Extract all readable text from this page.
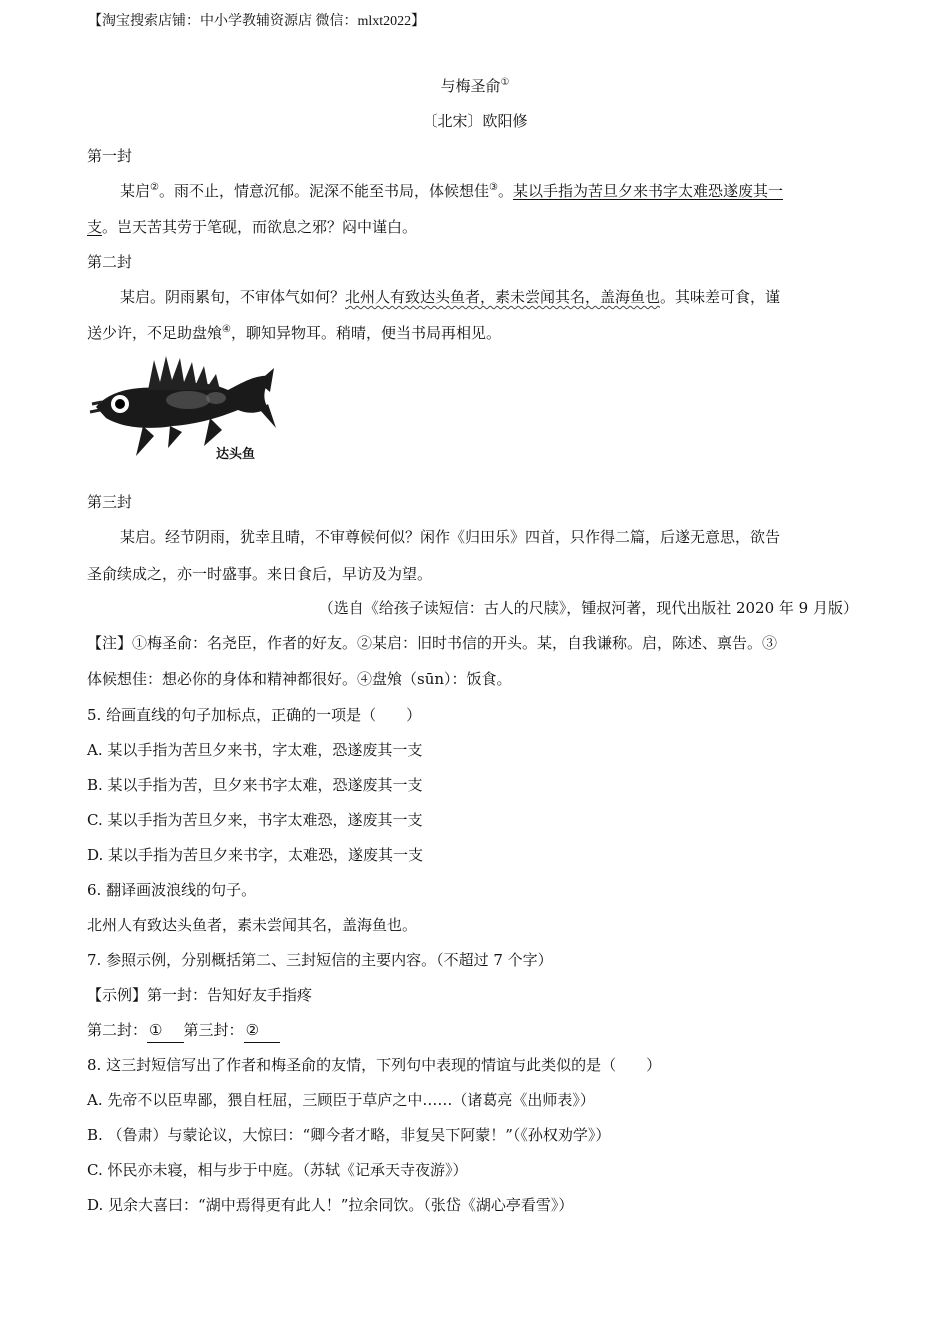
【淘宝搜索店铺：中小学教辅资源店 微信：mlxt2022】
与梅圣俞①
〔北宋〕欧阳修
第一封
某启②。雨不止，情意沉郁。泥深不能至书局，体候想佳③。某以手指为苦旦夕来书字太难恐遂废其一
支。岂天苦其劳于笔砚，而欲息之邪？闷中谨白。
第二封
某启。阴雨累旬，不审体气如何？北州人有致达头鱼者，素未尝闻其名，盖海鱼也。其味差可食，谨
送少许，不足助盘飧④，聊知异物耳。稍晴，便当书局再相见。
达头鱼
第三封
某启。经节阴雨，犹幸且晴，不审尊候何似？闲作《归田乐》四首，只作得二篇，后遂无意思，欲告
圣俞续成之，亦一时盛事。来日食后，早访及为望。
（选自《给孩子读短信：古人的尺牍》，锺叔河著，现代出版社 2020 年 9 月版）
【注】①梅圣俞：名尧臣，作者的好友。②某启：旧时书信的开头。某，自我谦称。启，陈述、禀告。③
体候想佳：想必你的身体和精神都很好。④盘飧（sūn）：饭食。
5. 给画直线的句子加标点，正确的一项是（　　）
A. 某以手指为苦旦夕来书，字太难，恐遂废其一支
B. 某以手指为苦，旦夕来书字太难，恐遂废其一支
C. 某以手指为苦旦夕来，书字太难恐，遂废其一支
D. 某以手指为苦旦夕来书字，太难恐，遂废其一支
6. 翻译画波浪线的句子。
北州人有致达头鱼者，素未尝闻其名，盖海鱼也。
7. 参照示例，分别概括第二、三封短信的主要内容。（不超过 7 个字）
【示例】第一封：告知好友手指疼
第二封： ① 第三封： ②
8. 这三封短信写出了作者和梅圣俞的友情，下列句中表现的情谊与此类似的是（　　）
A. 先帝不以臣卑鄙，猥自枉屈，三顾臣于草庐之中……（诸葛亮《出师表》）
B. （鲁肃）与蒙论议，大惊曰：“卿今者才略，非复吴下阿蒙！”（《孙权劝学》）
C. 怀民亦未寝，相与步于中庭。（苏轼《记承天寺夜游》）
D. 见余大喜曰：“湖中焉得更有此人！”拉余同饮。（张岱《湖心亭看雪》）
